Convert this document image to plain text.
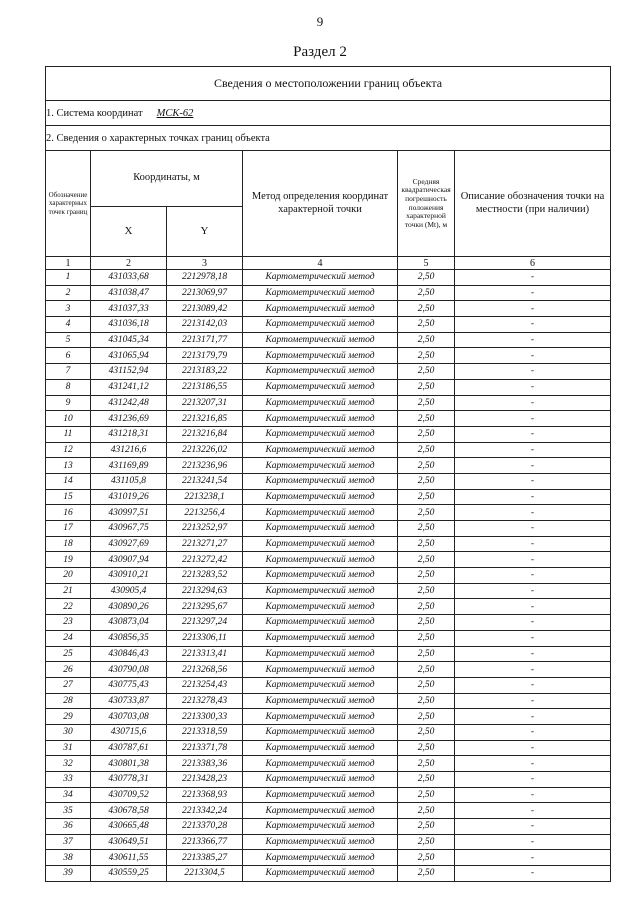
9
Раздел 2
Сведения о местоположении границ объекта					
1. Система координат МСК-62					
2. Сведения о характерных точках границ объекта					
Обозначение характерных точек границ	Координаты, м		Метод определения координат характерной точки	Средняя квадратическая погрешность положения характерной точки (Mt), м	Описание обозначения точки на местности (при наличии)
	X	Y			
1	2	3	4	5	6
1	431033,68	2212978,18	Картометрический метод	2,50	-
2	431038,47	2213069,97	Картометрический метод	2,50	-
3	431037,33	2213089,42	Картометрический метод	2,50	-
4	431036,18	2213142,03	Картометрический метод	2,50	-
5	431045,34	2213171,77	Картометрический метод	2,50	-
6	431065,94	2213179,79	Картометрический метод	2,50	-
7	431152,94	2213183,22	Картометрический метод	2,50	-
8	431241,12	2213186,55	Картометрический метод	2,50	-
9	431242,48	2213207,31	Картометрический метод	2,50	-
10	431236,69	2213216,85	Картометрический метод	2,50	-
11	431218,31	2213216,84	Картометрический метод	2,50	-
12	431216,6	2213226,02	Картометрический метод	2,50	-
13	431169,89	2213236,96	Картометрический метод	2,50	-
14	431105,8	2213241,54	Картометрический метод	2,50	-
15	431019,26	2213238,1	Картометрический метод	2,50	-
16	430997,51	2213256,4	Картометрический метод	2,50	-
17	430967,75	2213252,97	Картометрический метод	2,50	-
18	430927,69	2213271,27	Картометрический метод	2,50	-
19	430907,94	2213272,42	Картометрический метод	2,50	-
20	430910,21	2213283,52	Картометрический метод	2,50	-
21	430905,4	2213294,63	Картометрический метод	2,50	-
22	430890,26	2213295,67	Картометрический метод	2,50	-
23	430873,04	2213297,24	Картометрический метод	2,50	-
24	430856,35	2213306,11	Картометрический метод	2,50	-
25	430846,43	2213313,41	Картометрический метод	2,50	-
26	430790,08	2213268,56	Картометрический метод	2,50	-
27	430775,43	2213254,43	Картометрический метод	2,50	-
28	430733,87	2213278,43	Картометрический метод	2,50	-
29	430703,08	2213300,33	Картометрический метод	2,50	-
30	430715,6	2213318,59	Картометрический метод	2,50	-
31	430787,61	2213371,78	Картометрический метод	2,50	-
32	430801,38	2213383,36	Картометрический метод	2,50	-
33	430778,31	2213428,23	Картометрический метод	2,50	-
34	430709,52	2213368,93	Картометрический метод	2,50	-
35	430678,58	2213342,24	Картометрический метод	2,50	-
36	430665,48	2213370,28	Картометрический метод	2,50	-
37	430649,51	2213366,77	Картометрический метод	2,50	-
38	430611,55	2213385,27	Картометрический метод	2,50	-
39	430559,25	2213304,5	Картометрический метод	2,50	-
